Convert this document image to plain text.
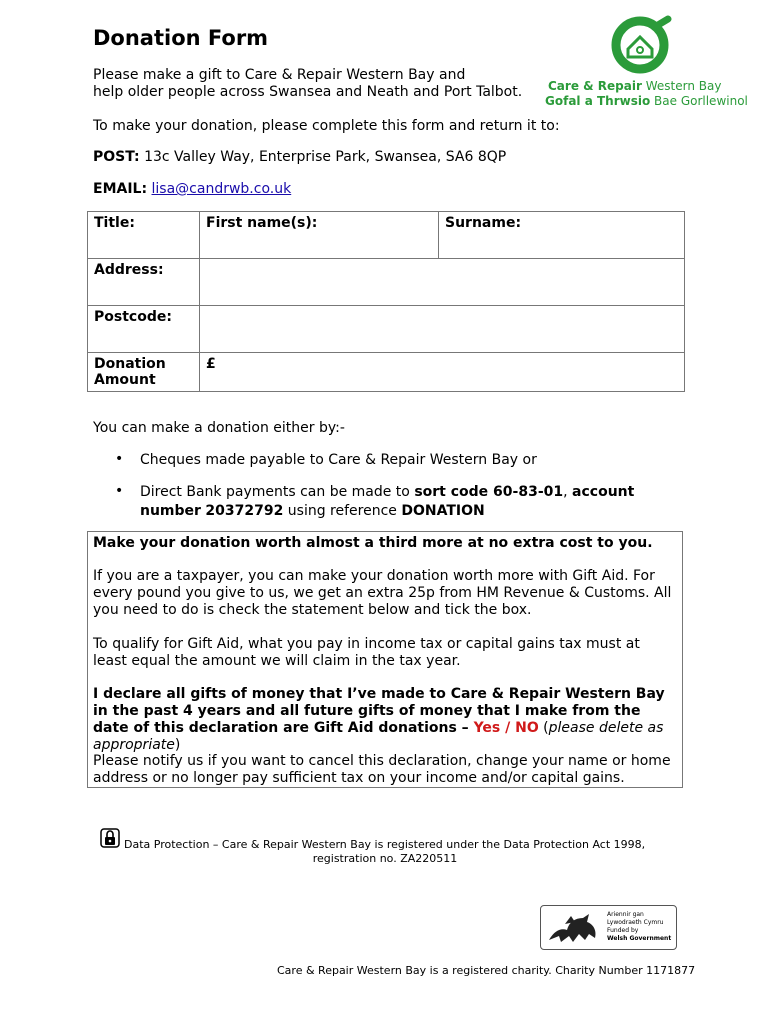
Donation Form
Please make a gift to Care & Repair Western Bay and
help older people across Swansea and Neath and Port Talbot.	Care & Repair Western Bay
Gofal a Thrwsio Bae Gorllewinol
To make your donation, please complete this form and return it to:
POST: 13c Valley Way, Enterprise Park, Swansea, SA6 8QP
EMAIL: lisa@candrwb.co.uk
Title:	First name(s):	Surname:
Address:		
Postcode:		

Donation
Amount	£	
You can make a donation either by:-
• Cheques made payable to Care & Repair Western Bay or
• Direct Bank payments can be made to sort code 60-83-01, account number 20372792 using reference DONATION
Make your donation worth almost a third more at no extra cost to you.
If you are a taxpayer, you can make your donation worth more with Gift Aid. For every pound you give to us, we get an extra 25p from HM Revenue & Customs. All you need to do is check the statement below and tick the box.
To qualify for Gift Aid, what you pay in income tax or capital gains tax must at least equal the amount we will claim in the tax year.
I declare all gifts of money that I’ve made to Care & Repair Western Bay in the past 4 years and all future gifts of money that I make from the date of this declaration are Gift Aid donations – Yes / NO (please delete as appropriate)
Please notify us if you want to cancel this declaration, change your name or home address or no longer pay sufficient tax on your income and/or capital gains.
Data Protection – Care & Repair Western Bay is registered under the Data Protection Act 1998,
registration no. ZA220511
Ariennir gan
Lywodraeth Cymru
Funded by
Welsh Government
Care & Repair Western Bay is a registered charity. Charity Number 1171877
